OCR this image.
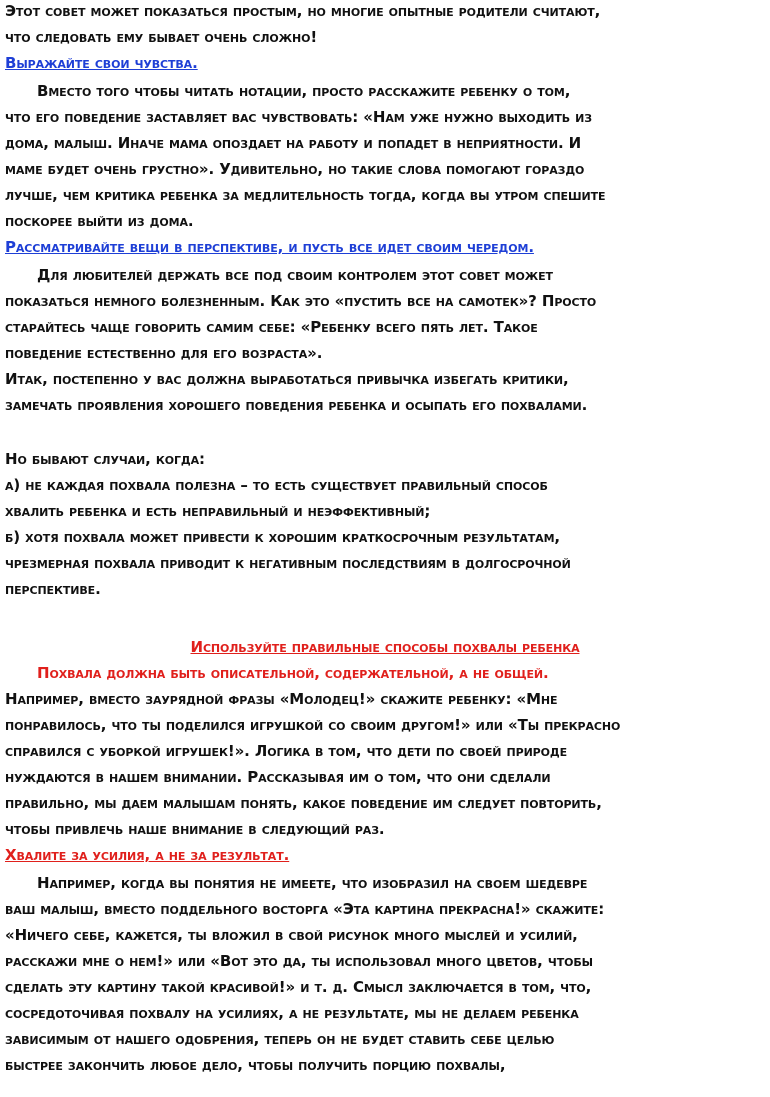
Этот совет может показаться простым, но многие опытные родители считают,
что следовать ему бывает очень сложно!
Выражайте свои чувства.
Вместо того чтобы читать нотации, просто расскажите ребенку о том,
что его поведение заставляет вас чувствовать: «Нам уже нужно выходить из
дома, малыш. Иначе мама опоздает на работу и попадет в неприятности. И
маме будет очень грустно». Удивительно, но такие слова помогают гораздо
лучше, чем критика ребенка за медлительность тогда, когда вы утром спешите
поскорее выйти из дома.
Рассматривайте вещи в перспективе, и пусть все идет своим чередом.
Для любителей держать все под своим контролем этот совет может
показаться немного болезненным. Как это «пустить все на самотек»? Просто
старайтесь чаще говорить самим себе: «Ребенку всего пять лет. Такое
поведение естественно для его возраста».
Итак, постепенно у вас должна выработаться привычка избегать критики,
замечать проявления хорошего поведения ребенка и осыпать его похвалами.
Но бывают случаи, когда:
а) не каждая похвала полезна – то есть существует правильный способ
хвалить ребенка и есть неправильный и неэффективный;
б) хотя похвала может привести к хорошим краткосрочным результатам,
чрезмерная похвала приводит к негативным последствиям в долгосрочной
перспективе.
Используйте правильные способы похвалы ребенка
Похвала должна быть описательной, содержательной, а не общей.
Например, вместо заурядной фразы «Молодец!» скажите ребенку: «Мне
понравилось, что ты поделился игрушкой со своим другом!» или «Ты прекрасно
справился с уборкой игрушек!». Логика в том, что дети по своей природе
нуждаются в нашем внимании. Рассказывая им о том, что они сделали
правильно, мы даем малышам понять, какое поведение им следует повторить,
чтобы привлечь наше внимание в следующий раз.
Хвалите за усилия, а не за результат.
Например, когда вы понятия не имеете, что изобразил на своем шедевре
ваш малыш, вместо поддельного восторга «Эта картина прекрасна!» скажите:
«Ничего себе, кажется, ты вложил в свой рисунок много мыслей и усилий,
расскажи мне о нем!» или «Вот это да, ты использовал много цветов, чтобы
сделать эту картину такой красивой!» и т. д. Смысл заключается в том, что,
сосредоточивая похвалу на усилиях, а не результате, мы не делаем ребенка
зависимым от нашего одобрения, теперь он не будет ставить себе целью
быстрее закончить любое дело, чтобы получить порцию похвалы,
